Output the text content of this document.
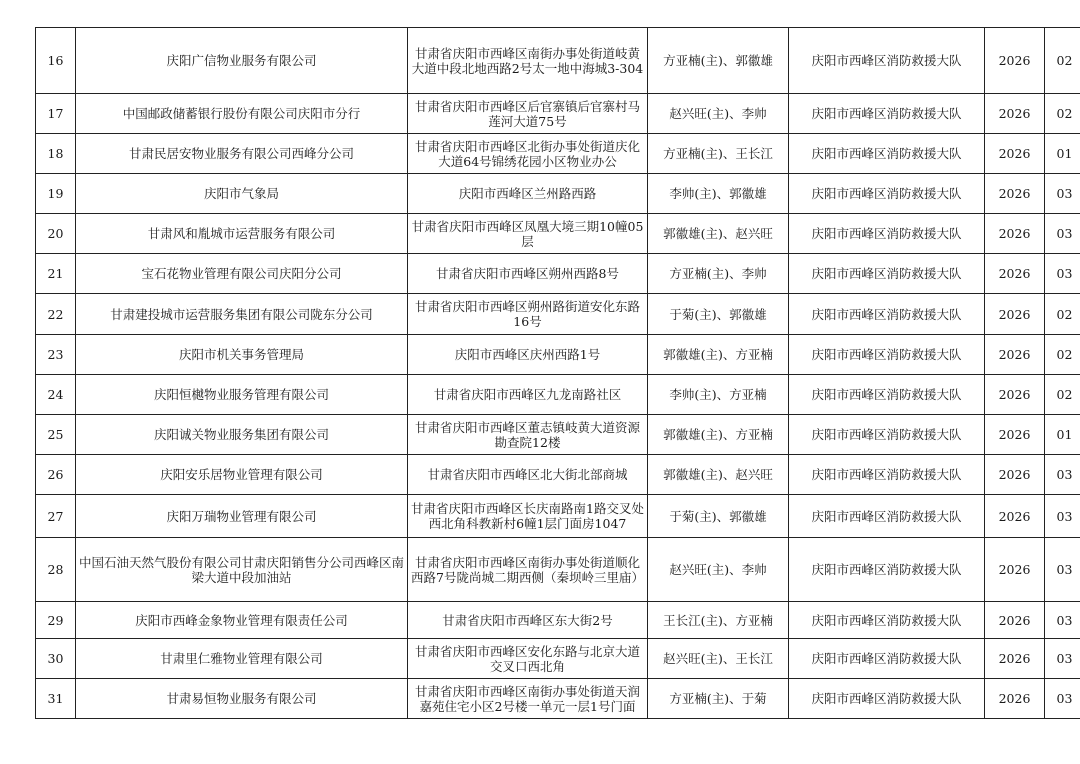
16	庆阳广信物业服务有限公司	甘肃省庆阳市西峰区南街办事处街道岐黄大道中段北地西路2号太一地中海城3-304	方亚楠(主)、郭徽雄	庆阳市西峰区消防救援大队	2026	02

17	中国邮政储蓄银行股份有限公司庆阳市分行	甘肃省庆阳市西峰区后官寨镇后官寨村马莲河大道75号	赵兴旺(主)、李帅	庆阳市西峰区消防救援大队	2026	02

18	甘肃民居安物业服务有限公司西峰分公司	甘肃省庆阳市西峰区北街办事处街道庆化大道64号锦绣花园小区物业办公	方亚楠(主)、王长江	庆阳市西峰区消防救援大队	2026	01

19	庆阳市气象局	庆阳市西峰区兰州路西路	李帅(主)、郭徽雄	庆阳市西峰区消防救援大队	2026	03

20	甘肃风和胤城市运营服务有限公司	甘肃省庆阳市西峰区凤凰大境三期10幢05层	郭徽雄(主)、赵兴旺	庆阳市西峰区消防救援大队	2026	03

21	宝石花物业管理有限公司庆阳分公司	甘肃省庆阳市西峰区朔州西路8号	方亚楠(主)、李帅	庆阳市西峰区消防救援大队	2026	03

22	甘肃建投城市运营服务集团有限公司陇东分公司	甘肃省庆阳市西峰区朔州路街道安化东路16号	于菊(主)、郭徽雄	庆阳市西峰区消防救援大队	2026	02

23	庆阳市机关事务管理局	庆阳市西峰区庆州西路1号	郭徽雄(主)、方亚楠	庆阳市西峰区消防救援大队	2026	02

24	庆阳恒樾物业服务管理有限公司	甘肃省庆阳市西峰区九龙南路社区	李帅(主)、方亚楠	庆阳市西峰区消防救援大队	2026	02

25	庆阳诚关物业服务集团有限公司	甘肃省庆阳市西峰区董志镇岐黄大道资源勘查院12楼	郭徽雄(主)、方亚楠	庆阳市西峰区消防救援大队	2026	01

26	庆阳安乐居物业管理有限公司	甘肃省庆阳市西峰区北大街北部商城	郭徽雄(主)、赵兴旺	庆阳市西峰区消防救援大队	2026	03

27	庆阳万瑞物业管理有限公司	甘肃省庆阳市西峰区长庆南路南1路交叉处西北角科教新村6幢1层门面房1047	于菊(主)、郭徽雄	庆阳市西峰区消防救援大队	2026	03

28	中国石油天然气股份有限公司甘肃庆阳销售分公司西峰区南梁大道中段加油站	甘肃省庆阳市西峰区南街办事处街道顺化西路7号陇尚城二期西侧（秦坝岭三里庙）	赵兴旺(主)、李帅	庆阳市西峰区消防救援大队	2026	03

29	庆阳市西峰金象物业管理有限责任公司	甘肃省庆阳市西峰区东大街2号	王长江(主)、方亚楠	庆阳市西峰区消防救援大队	2026	03

30	甘肃里仁雅物业管理有限公司	甘肃省庆阳市西峰区安化东路与北京大道交叉口西北角	赵兴旺(主)、王长江	庆阳市西峰区消防救援大队	2026	03

31	甘肃易恒物业服务有限公司	甘肃省庆阳市西峰区南街办事处街道天润嘉苑住宅小区2号楼一单元一层1号门面	方亚楠(主)、于菊	庆阳市西峰区消防救援大队	2026	03
